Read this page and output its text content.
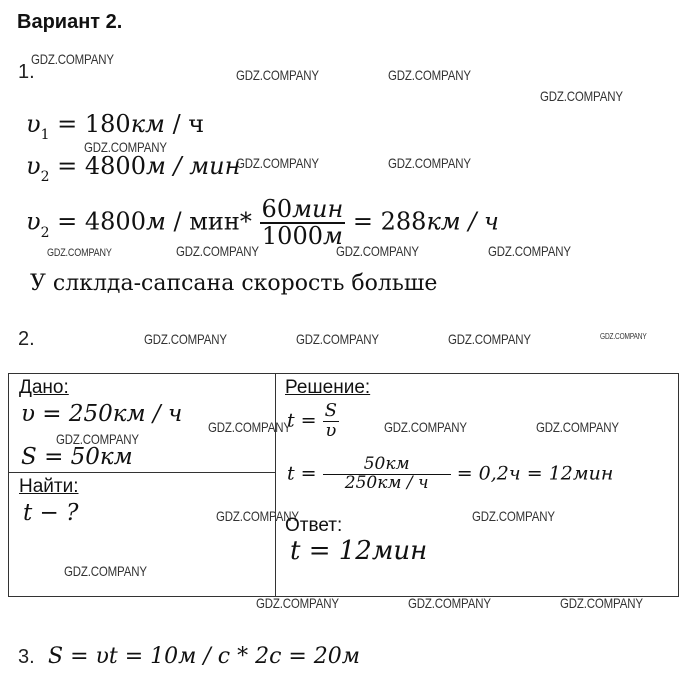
Вариант 2.
GDZ.COMPANY
GDZ.COMPANY	GDZ.COMPANY
GDZ.COMPANY
GDZ.COMPANY
GDZ.COMPANY	GDZ.COMPANY
GDZ.COMPANY	GDZ.COMPANY	GDZ.COMPANY	GDZ.COMPANY
GDZ.COMPANY	GDZ.COMPANY	GDZ.COMPANY	GDZ.COMPANY
GDZ.COMPANY
GDZ.COMPANY
GDZ.COMPANY	GDZ.COMPANY
GDZ.COMPANY	GDZ.COMPANY
GDZ.COMPANY
GDZ.COMPANY	GDZ.COMPANY	GDZ.COMPANY
1.
$\upsilon_1 = 180км / ч$
$\upsilon_2 = 4800м$ / мин
$\upsilon_2 = 4800м / мин* \frac{\text{60мин}}{1000м} = 288км / ч$
У слклда-сапсана скорость больше
2.
Дано:
υ = 250км / ч
S = 50км
Найти:
t − ?
Решение:
$t = \frac{S}{\upsilon}$
$t = \frac{50км}{250км / ч} = 0,2ч = 12мин$
Ответ:
t = 12мин
3. S = υt = 10м / с * 2с = 20м
